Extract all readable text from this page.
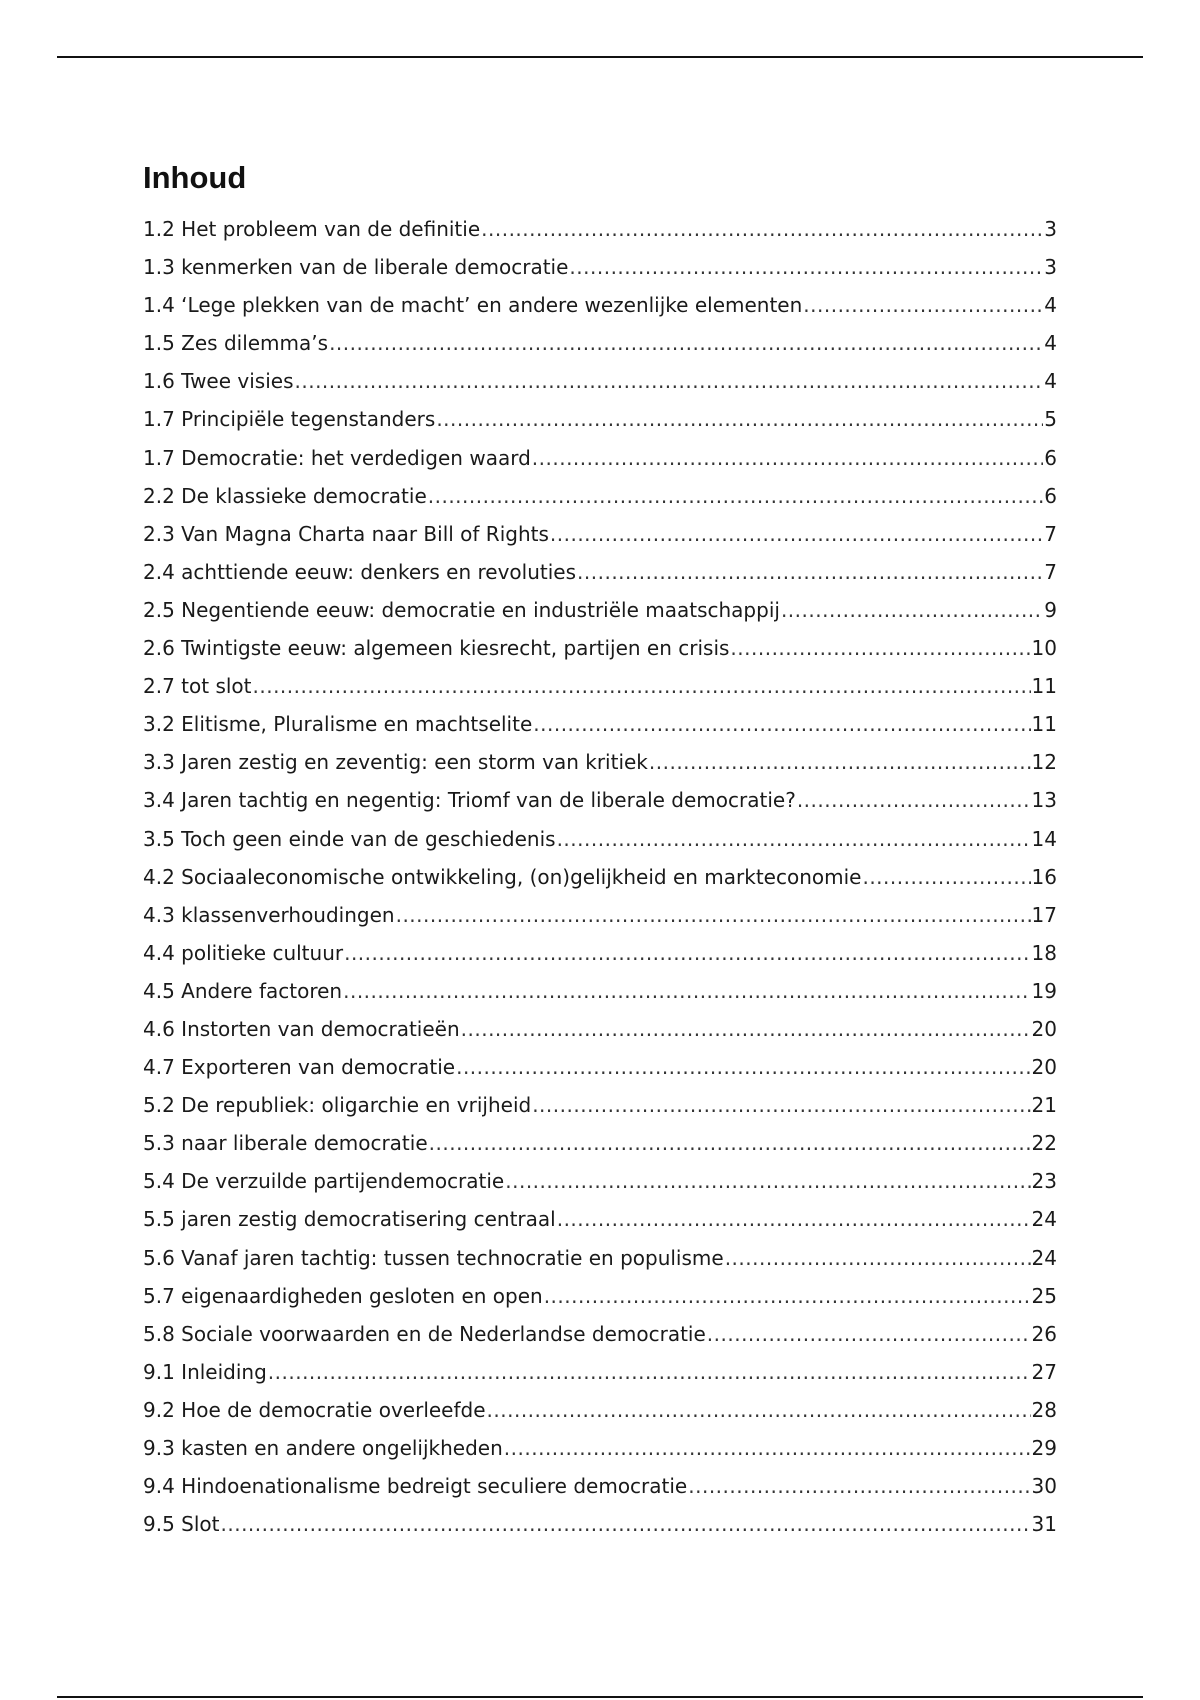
Inhoud
1.2 Het probleem van de definitie .....	3
1.3 kenmerken van de liberale democratie .....	3
1.4 ‘Lege plekken van de macht’ en andere wezenlijke elementen .....	4
1.5 Zes dilemma’s .....	4
1.6 Twee visies .....	4
1.7 Principiële tegenstanders .....	5
1.7 Democratie: het verdedigen waard .....	6
2.2 De klassieke democratie .....	6
2.3 Van Magna Charta naar Bill of Rights .....	7
2.4 achttiende eeuw: denkers en revoluties .....	7
2.5 Negentiende eeuw: democratie en industriële maatschappij .....	9
2.6 Twintigste eeuw: algemeen kiesrecht, partijen en crisis .....	10
2.7 tot slot .....	11
3.2 Elitisme, Pluralisme en machtselite .....	11
3.3 Jaren zestig en zeventig: een storm van kritiek .....	12
3.4 Jaren tachtig en negentig: Triomf van de liberale democratie? .....	13
3.5 Toch geen einde van de geschiedenis .....	14
4.2 Sociaaleconomische ontwikkeling, (on)gelijkheid en markteconomie .....	16
4.3 klassenverhoudingen .....	17
4.4 politieke cultuur .....	18
4.5 Andere factoren .....	19
4.6 Instorten van democratieën .....	20
4.7 Exporteren van democratie .....	20
5.2 De republiek: oligarchie en vrijheid .....	21
5.3 naar liberale democratie .....	22
5.4 De verzuilde partijendemocratie .....	23
5.5 jaren zestig democratisering centraal .....	24
5.6 Vanaf jaren tachtig: tussen technocratie en populisme .....	24
5.7 eigenaardigheden gesloten en open .....	25
5.8 Sociale voorwaarden en de Nederlandse democratie .....	26
9.1 Inleiding .....	27
9.2 Hoe de democratie overleefde .....	28
9.3 kasten en andere ongelijkheden .....	29
9.4 Hindoenationalisme bedreigt seculiere democratie .....	30
9.5 Slot .....	31
